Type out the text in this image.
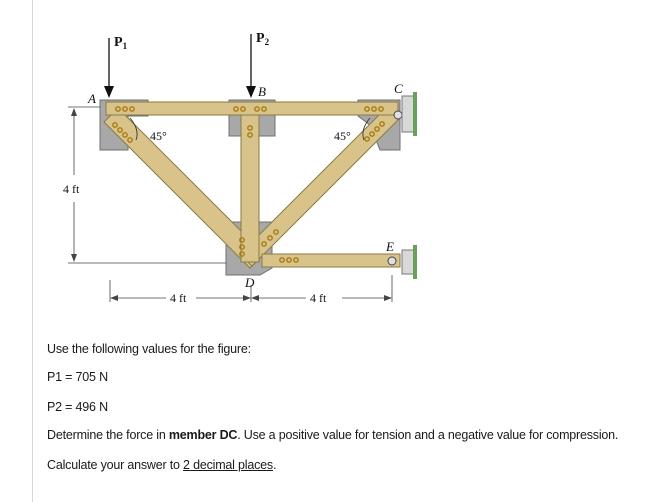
$P_1$	$P_2$
A	B	C
D
E
45°	45°
4 ft
4 ft	4 ft

Use the following values for the figure:

P1 = 705 N

P2 = 496 N

Determine the force in member DC. Use a positive value for tension and a negative value for compression.

Calculate your answer to 2 decimal places.
